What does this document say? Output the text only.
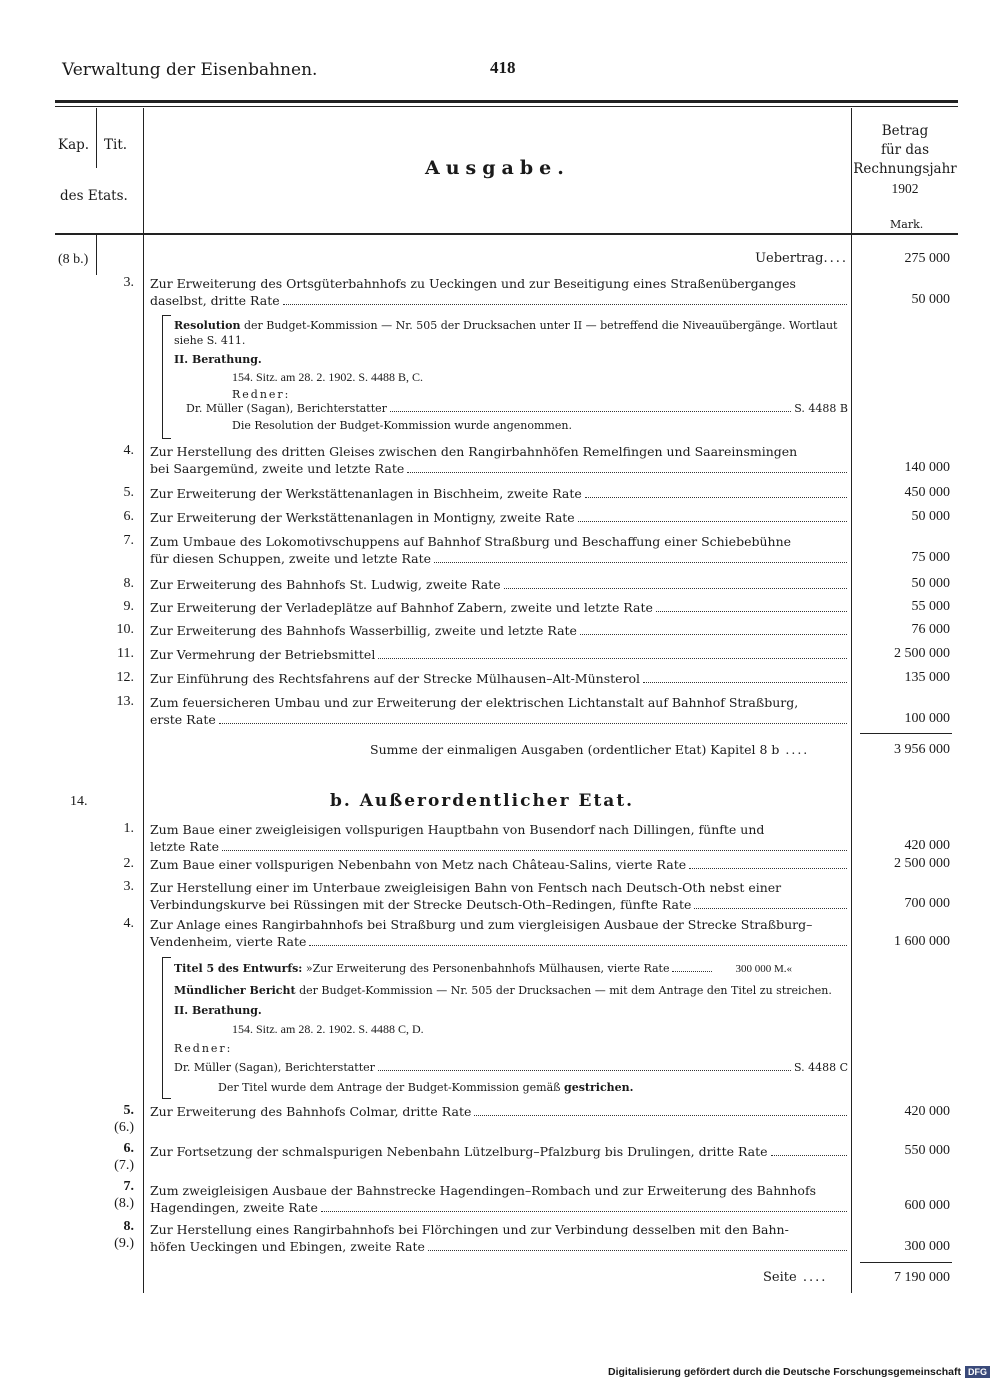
Verwaltung der Eisenbahnen.	418
Kap. Tit.
des Etats.
Ausgabe.
Betrag
für das
Rechnungsjahr
1902
Mark.
(8 b.)	Uebertrag ....	275 000
3. Zur Erweiterung des Ortsgüterbahnhofs zu Ueckingen und zur Beseitigung eines Straßenüberganges
daselbst, dritte Rate	50 000
Resolution der Budget-Kommission — Nr. 505 der Drucksachen unter II — betreffend die Niveauübergänge. Wortlaut siehe S. 411.
II. Berathung.
154. Sitz. am 28. 2. 1902. S. 4488 B, C.
Redner:
Dr. Müller (Sagan), Berichterstatter	S. 4488 B
Die Resolution der Budget-Kommission wurde angenommen.
4. Zur Herstellung des dritten Gleises zwischen den Rangirbahnhöfen Remelfingen und Saareinsmingen
bei Saargemünd, zweite und letzte Rate	140 000
5. Zur Erweiterung der Werkstättenanlagen in Bischheim, zweite Rate	450 000
6. Zur Erweiterung der Werkstättenanlagen in Montigny, zweite Rate	50 000
7. Zum Umbaue des Lokomotivschuppens auf Bahnhof Straßburg und Beschaffung einer Schiebebühne
für diesen Schuppen, zweite und letzte Rate	75 000
8. Zur Erweiterung des Bahnhofs St. Ludwig, zweite Rate	50 000
9. Zur Erweiterung der Verladeplätze auf Bahnhof Zabern, zweite und letzte Rate	55 000
10. Zur Erweiterung des Bahnhofs Wasserbillig, zweite und letzte Rate	76 000
11. Zur Vermehrung der Betriebsmittel	2 500 000
12. Zur Einführung des Rechtsfahrens auf der Strecke Mülhausen–Alt-Münsterol	135 000
13. Zum feuersicheren Umbau und zur Erweiterung der elektrischen Lichtanstalt auf Bahnhof Straßburg,
erste Rate	100 000
Summe der einmaligen Ausgaben (ordentlicher Etat) Kapitel 8 b ....	3 956 000
14.	b. Außerordentlicher Etat.
1. Zum Baue einer zweigleisigen vollspurigen Hauptbahn von Busendorf nach Dillingen, fünfte und
letzte Rate	420 000
2. Zum Baue einer vollspurigen Nebenbahn von Metz nach Château-Salins, vierte Rate	2 500 000
3. Zur Herstellung einer im Unterbaue zweigleisigen Bahn von Fentsch nach Deutsch-Oth nebst einer
Verbindungskurve bei Rüssingen mit der Strecke Deutsch-Oth–Redingen, fünfte Rate	700 000
4. Zur Anlage eines Rangirbahnhofs bei Straßburg und zum viergleisigen Ausbaue der Strecke Straßburg–
Vendenheim, vierte Rate	1 600 000
Titel 5 des Entwurfs:
»Zur Erweiterung des Personenbahnhofs Mülhausen, vierte Rate	300 000 M.«
Mündlicher Bericht der Budget-Kommission — Nr. 505 der Drucksachen — mit dem Antrage den Titel zu streichen.
II. Berathung.
154. Sitz. am 28. 2. 1902. S. 4488 C, D.
Redner:
Dr. Müller (Sagan), Berichterstatter	S. 4488 C
Der Titel wurde dem Antrage der Budget-Kommission gemäß gestrichen.
5.
(6.)
Zur Erweiterung des Bahnhofs Colmar, dritte Rate	420 000
6.
(7.)
Zur Fortsetzung der schmalspurigen Nebenbahn Lützelburg–Pfalzburg bis Drulingen, dritte Rate	550 000
7.
(8.)
Zum zweigleisigen Ausbaue der Bahnstrecke Hagendingen–Rombach und zur Erweiterung des Bahnhofs
Hagendingen, zweite Rate	600 000
8.
(9.)
Zur Herstellung eines Rangirbahnhofs bei Flörchingen und zur Verbindung desselben mit den Bahn-
höfen Ueckingen und Ebingen, zweite Rate	300 000
Seite ....	7 190 000
Digitalisierung gefördert durch die Deutsche Forschungsgemeinschaft DFG
